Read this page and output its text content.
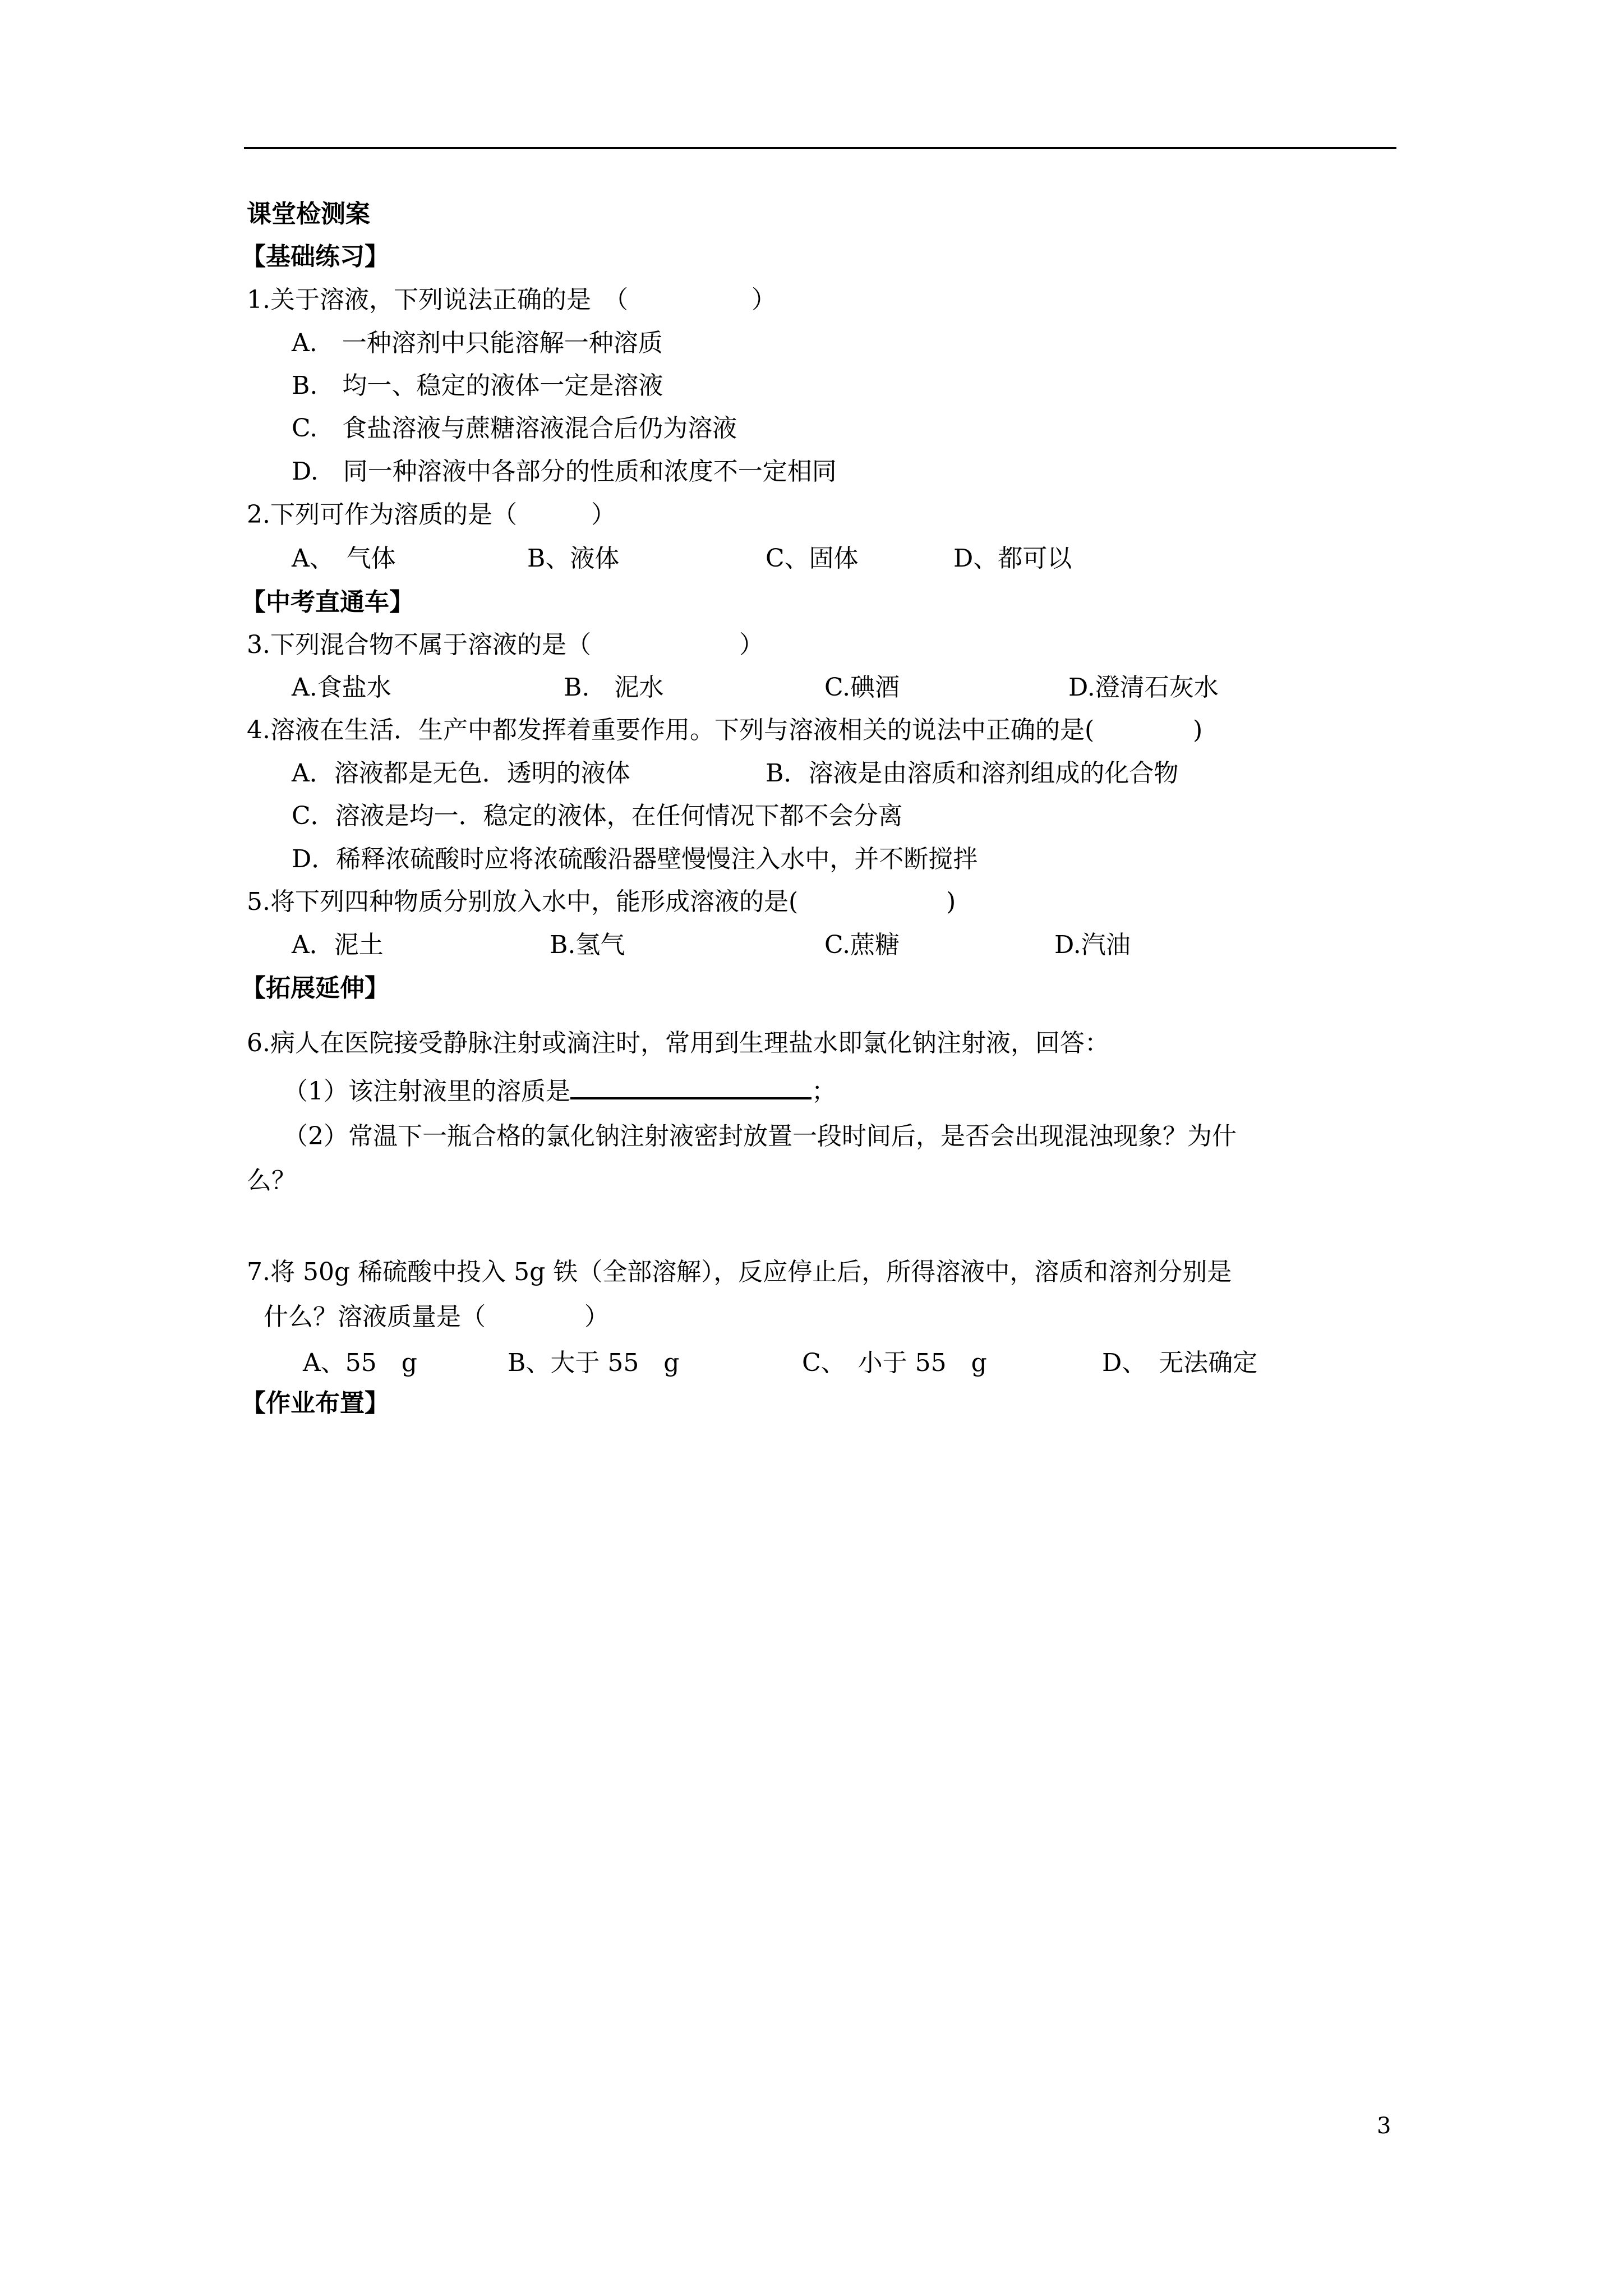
课堂检测案
【基础练习】
1.关于溶液，下列说法正确的是　（　　　　　）
A.　一种溶剂中只能溶解一种溶质
B.　均一、稳定的液体一定是溶液
C.　食盐溶液与蔗糖溶液混合后仍为溶液
D.　同一种溶液中各部分的性质和浓度不一定相同
2.下列可作为溶质的是（　　　）
A、　气体	B、液体	C、固体	D、都可以
【中考直通车】
3.下列混合物不属于溶液的是（　　　　　　）
A.食盐水	B.　泥水	C.碘酒	D.澄清石灰水
4.溶液在生活．生产中都发挥着重要作用。下列与溶液相关的说法中正确的是(　　　　)
A．溶液都是无色．透明的液体	B．溶液是由溶质和溶剂组成的化合物
C．溶液是均一．稳定的液体，在任何情况下都不会分离
D．稀释浓硫酸时应将浓硫酸沿器壁慢慢注入水中，并不断搅拌
5.将下列四种物质分别放入水中，能形成溶液的是(　　　　　　)
A．泥土	B.氢气	C.蔗糖	D.汽油
【拓展延伸】
6.病人在医院接受静脉注射或滴注时，常用到生理盐水即氯化钠注射液，回答：
（1）该注射液里的溶质是	；
（2）常温下一瓶合格的氯化钠注射液密封放置一段时间后，是否会出现混浊现象？为什
么？
7.将 50g 稀硫酸中投入 5g 铁（全部溶解），反应停止后，所得溶液中，溶质和溶剂分别是
什么？溶液质量是（　　　　）
A、55　g	B、大于 55　g	C、　小于 55　g	D、　无法确定
【作业布置】
3
